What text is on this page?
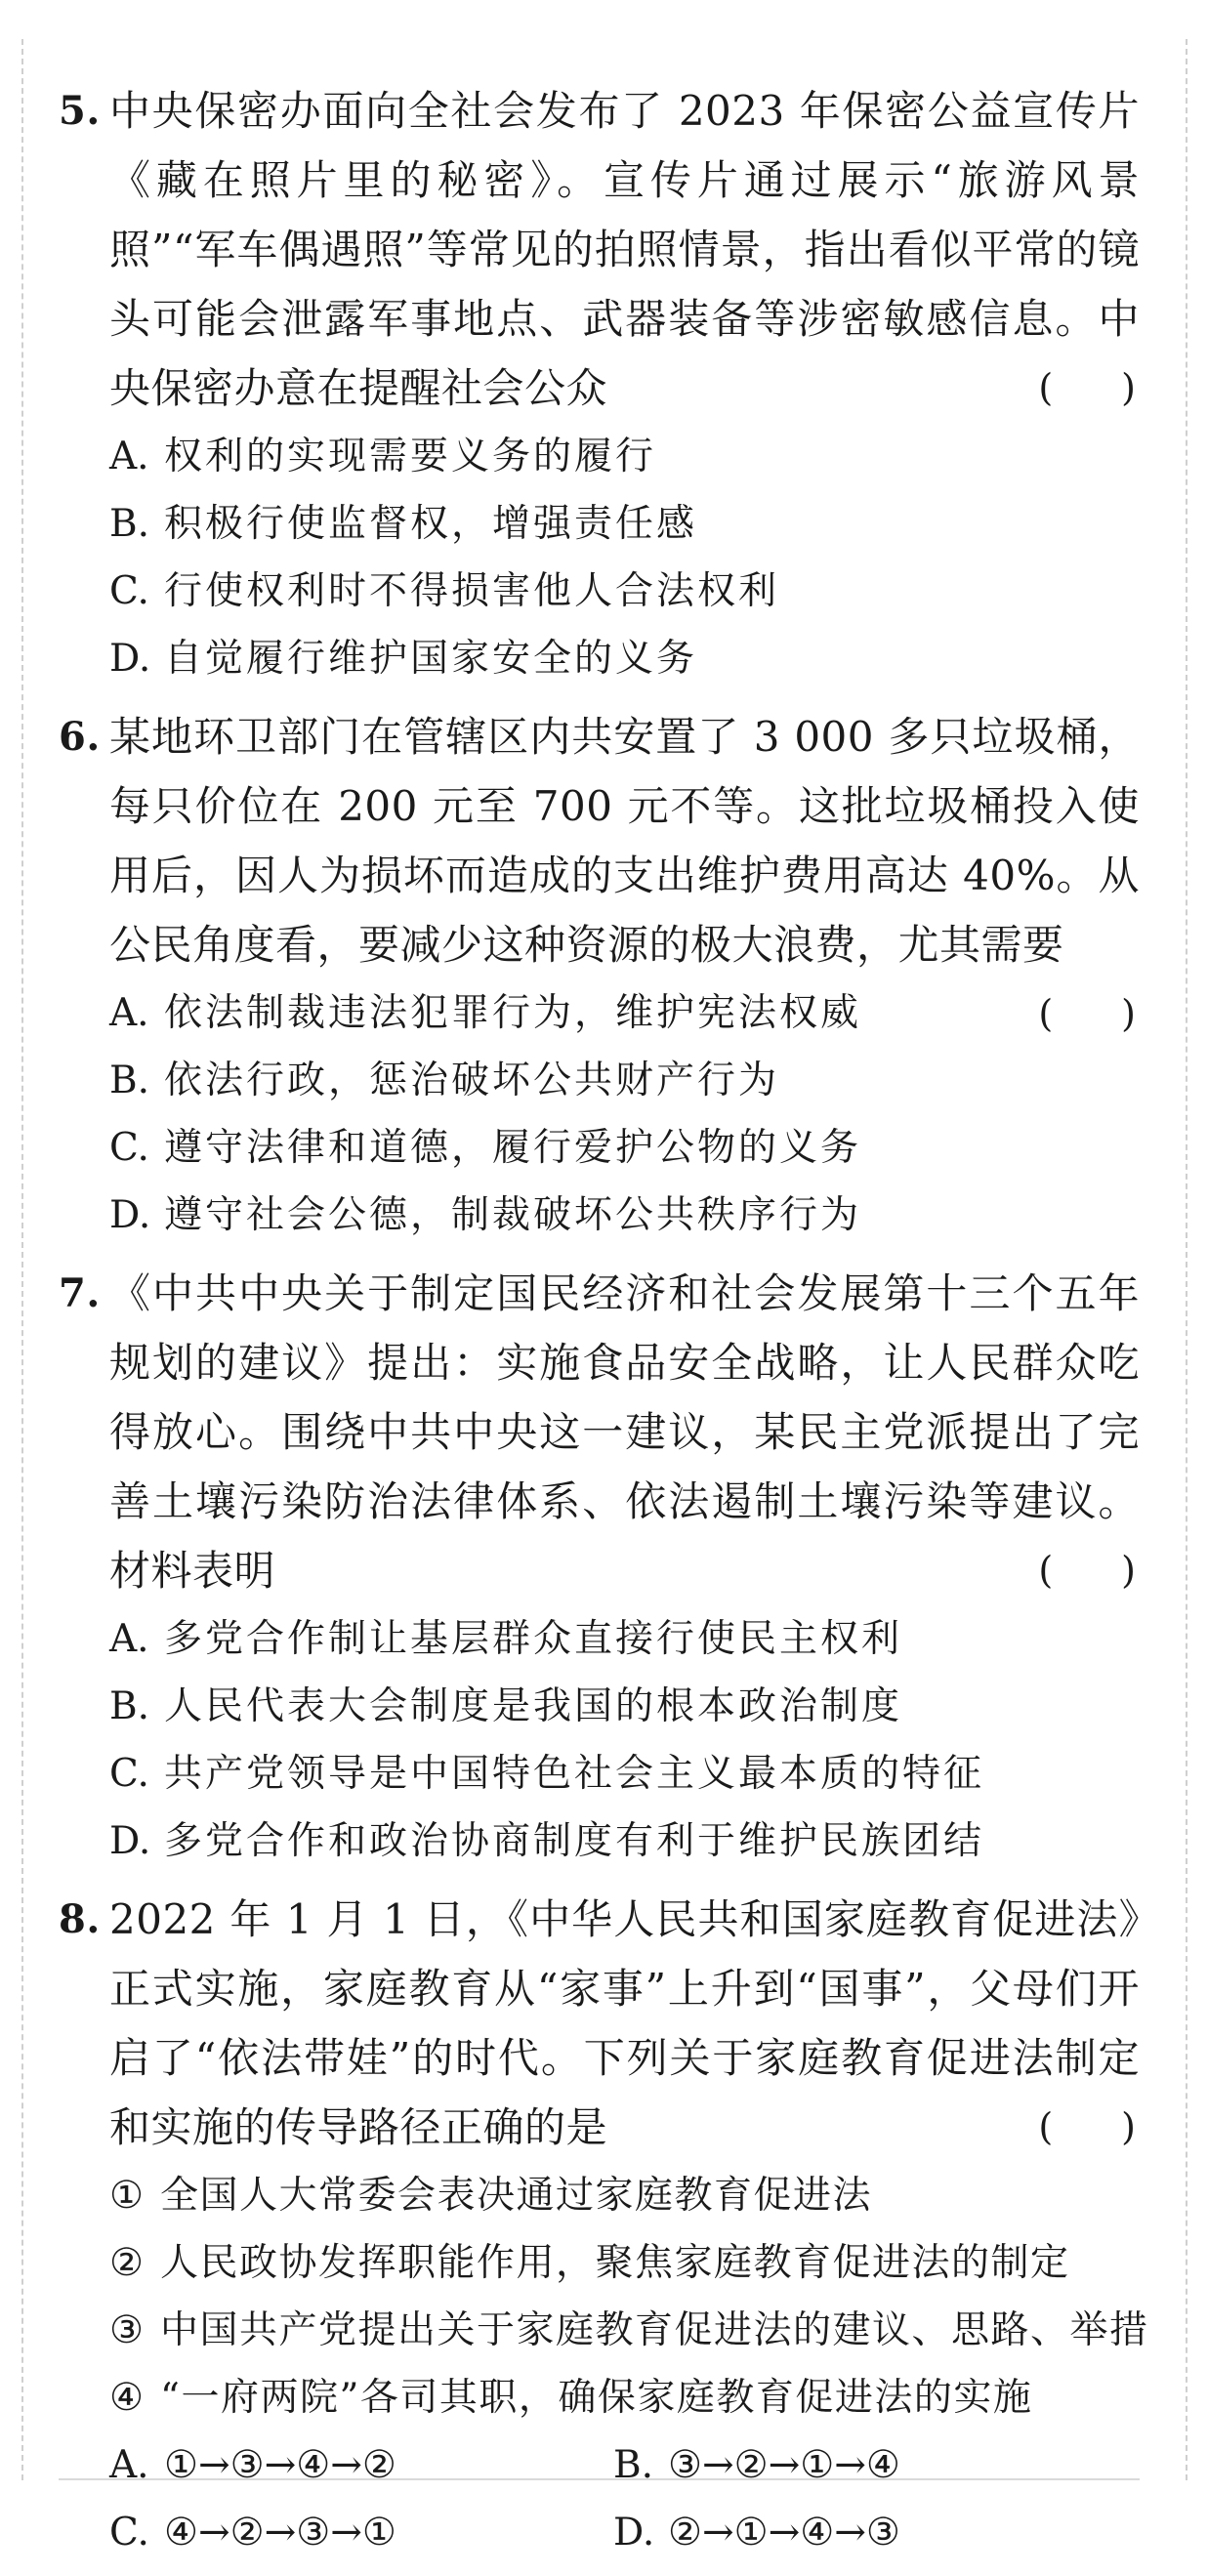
5. 中央保密办面向全社会发布了 2023 年保密公益宣传片《藏在照片里的秘密》。宣传片通过展示“旅游风景照”“军车偶遇照”等常见的拍照情景，指出看似平常的镜头可能会泄露军事地点、武器装备等涉密敏感信息。中央保密办意在提醒社会公众	( )
A. 权利的实现需要义务的履行
B. 积极行使监督权，增强责任感
C. 行使权利时不得损害他人合法权利
D. 自觉履行维护国家安全的义务
6. 某地环卫部门在管辖区内共安置了 3 000 多只垃圾桶，每只价位在 200 元至 700 元不等。这批垃圾桶投入使用后，因人为损坏而造成的支出维护费用高达 40%。从公民角度看，要减少这种资源的极大浪费，尤其需要
( )
A. 依法制裁违法犯罪行为，维护宪法权威
B. 依法行政，惩治破坏公共财产行为
C. 遵守法律和道德，履行爱护公物的义务
D. 遵守社会公德，制裁破坏公共秩序行为
7. 《中共中央关于制定国民经济和社会发展第十三个五年规划的建议》提出：实施食品安全战略，让人民群众吃得放心。围绕中共中央这一建议，某民主党派提出了完善土壤污染防治法律体系、依法遏制土壤污染等建议。材料表明	( )
A. 多党合作制让基层群众直接行使民主权利
B. 人民代表大会制度是我国的根本政治制度
C. 共产党领导是中国特色社会主义最本质的特征
D. 多党合作和政治协商制度有利于维护民族团结
8. 2022 年 1 月 1 日，《中华人民共和国家庭教育促进法》正式实施，家庭教育从“家事”上升到“国事”，父母们开启了“依法带娃”的时代。下列关于家庭教育促进法制定和实施的传导路径正确的是	( )
① 全国人大常委会表决通过家庭教育促进法
② 人民政协发挥职能作用，聚焦家庭教育促进法的制定
③ 中国共产党提出关于家庭教育促进法的建议、思路、举措
④ “一府两院”各司其职，确保家庭教育促进法的实施
A. ①→③→④→②	B. ③→②→①→④
C. ④→②→③→①	D. ②→①→④→③
